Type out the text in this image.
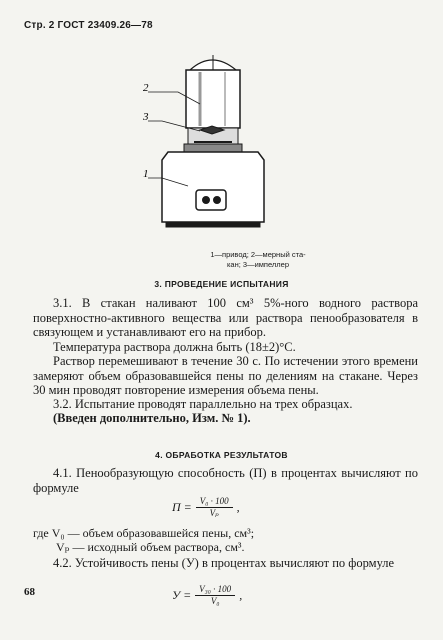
Стр. 2 ГОСТ 23409.26—78
2
3
1
1—привод; 2—мерный ста-
кан; 3—импеллер
3. ПРОВЕДЕНИЕ ИСПЫТАНИЯ
3.1. В стакан наливают 100 см³ 5%-ного водного раствора поверхностно-активного вещества или раствора пенообразователя в связующем и устанавливают его на прибор.
Температура раствора должна быть (18±2)°С.
Раствор перемешивают в течение 30 с. По истечении этого времени замеряют объем образовавшейся пены по делениям на стакане. Через 30 мин проводят повторение измерения объема пены.
3.2. Испытание проводят параллельно на трех образцах.
(Введен дополнительно, Изм. № 1).
4. ОБРАБОТКА РЕЗУЛЬТАТОВ
4.1. Пенообразующую способность (П) в процентах вычисляют по формуле
$П = \frac{\text{V₀ · 100}}{\text{Vₚ}}$ ,
где V₀ — объем образовавшейся пены, см³;
Vₚ — исходный объем раствора, см³.
4.2. Устойчивость пены (У) в процентах вычисляют по формуле
$У = \frac{\text{V₃₀ · 100}}{\text{V₀}}$ ,
68
